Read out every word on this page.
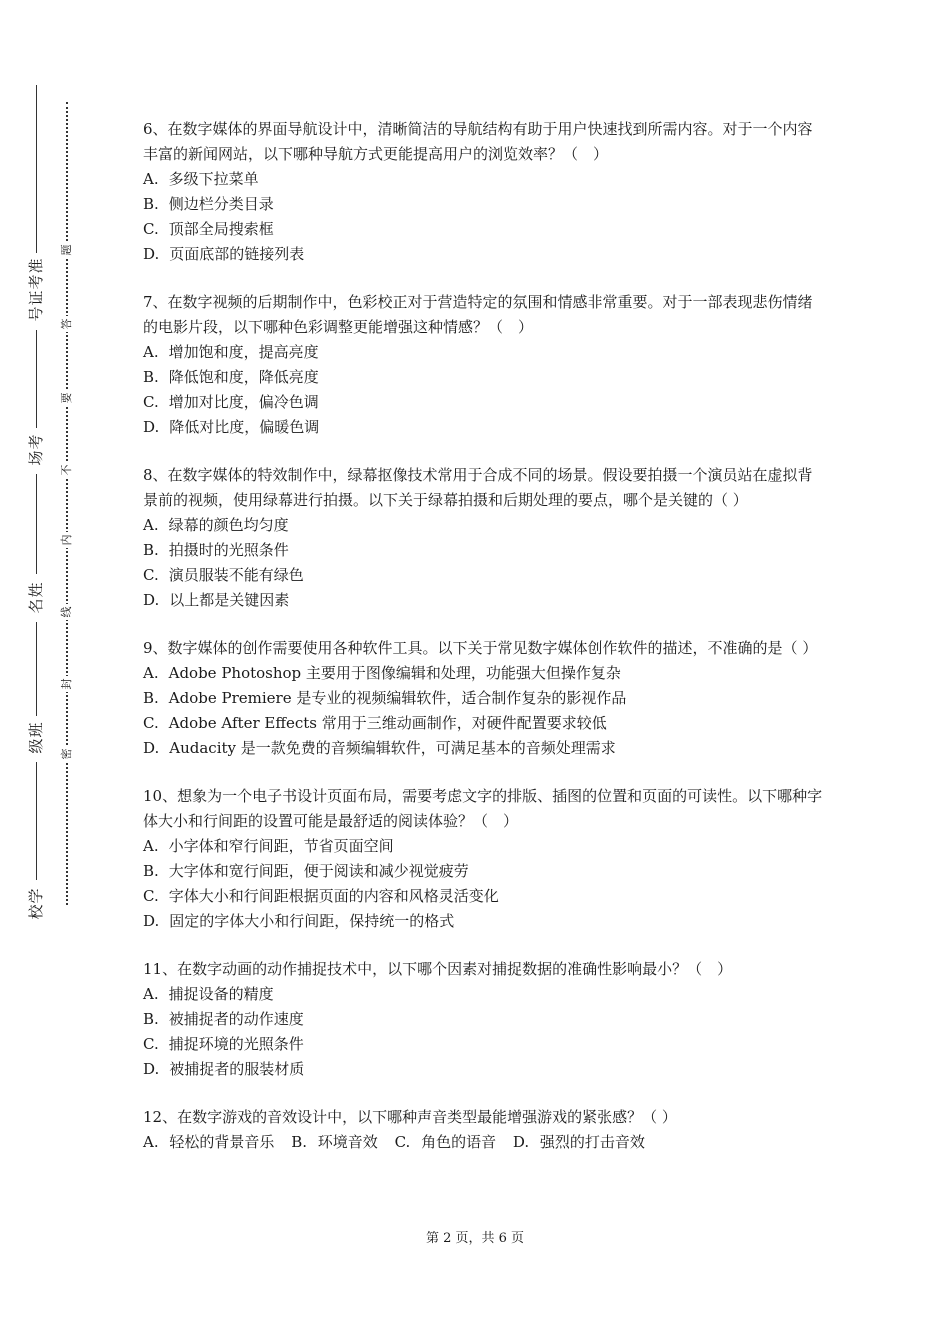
准
考
证
号
考
场
姓
名
班
级
学
校
题
答
要
不
内
线
封
密

6、在数字媒体的界面导航设计中，清晰简洁的导航结构有助于用户快速找到所需内容。对于一个内容丰富的新闻网站，以下哪种导航方式更能提高用户的浏览效率？（　）

A. 多级下拉菜单

B. 侧边栏分类目录

C. 顶部全局搜索框

D. 页面底部的链接列表

7、在数字视频的后期制作中，色彩校正对于营造特定的氛围和情感非常重要。对于一部表现悲伤情绪的电影片段，以下哪种色彩调整更能增强这种情感？（　）

A. 增加饱和度，提高亮度

B. 降低饱和度，降低亮度

C. 增加对比度，偏冷色调

D. 降低对比度，偏暖色调

8、在数字媒体的特效制作中，绿幕抠像技术常用于合成不同的场景。假设要拍摄一个演员站在虚拟背景前的视频，使用绿幕进行拍摄。以下关于绿幕拍摄和后期处理的要点，哪个是关键的（ ）

A. 绿幕的颜色均匀度

B. 拍摄时的光照条件

C. 演员服装不能有绿色

D. 以上都是关键因素

9、数字媒体的创作需要使用各种软件工具。以下关于常见数字媒体创作软件的描述，不准确的是（ ）

A. Adobe Photoshop 主要用于图像编辑和处理，功能强大但操作复杂

B. Adobe Premiere 是专业的视频编辑软件，适合制作复杂的影视作品

C. Adobe After Effects 常用于三维动画制作，对硬件配置要求较低

D. Audacity 是一款免费的音频编辑软件，可满足基本的音频处理需求

10、想象为一个电子书设计页面布局，需要考虑文字的排版、插图的位置和页面的可读性。以下哪种字体大小和行间距的设置可能是最舒适的阅读体验？（　）

A. 小字体和窄行间距，节省页面空间

B. 大字体和宽行间距，便于阅读和减少视觉疲劳

C. 字体大小和行间距根据页面的内容和风格灵活变化

D. 固定的字体大小和行间距，保持统一的格式

11、在数字动画的动作捕捉技术中，以下哪个因素对捕捉数据的准确性影响最小？（　）

A. 捕捉设备的精度

B. 被捕捉者的动作速度

C. 捕捉环境的光照条件

D. 被捕捉者的服装材质

12、在数字游戏的音效设计中，以下哪种声音类型最能增强游戏的紧张感？（ ）

A. 轻松的背景音乐 B. 环境音效 C. 角色的语音 D. 强烈的打击音效

第 2 页，共 6 页
